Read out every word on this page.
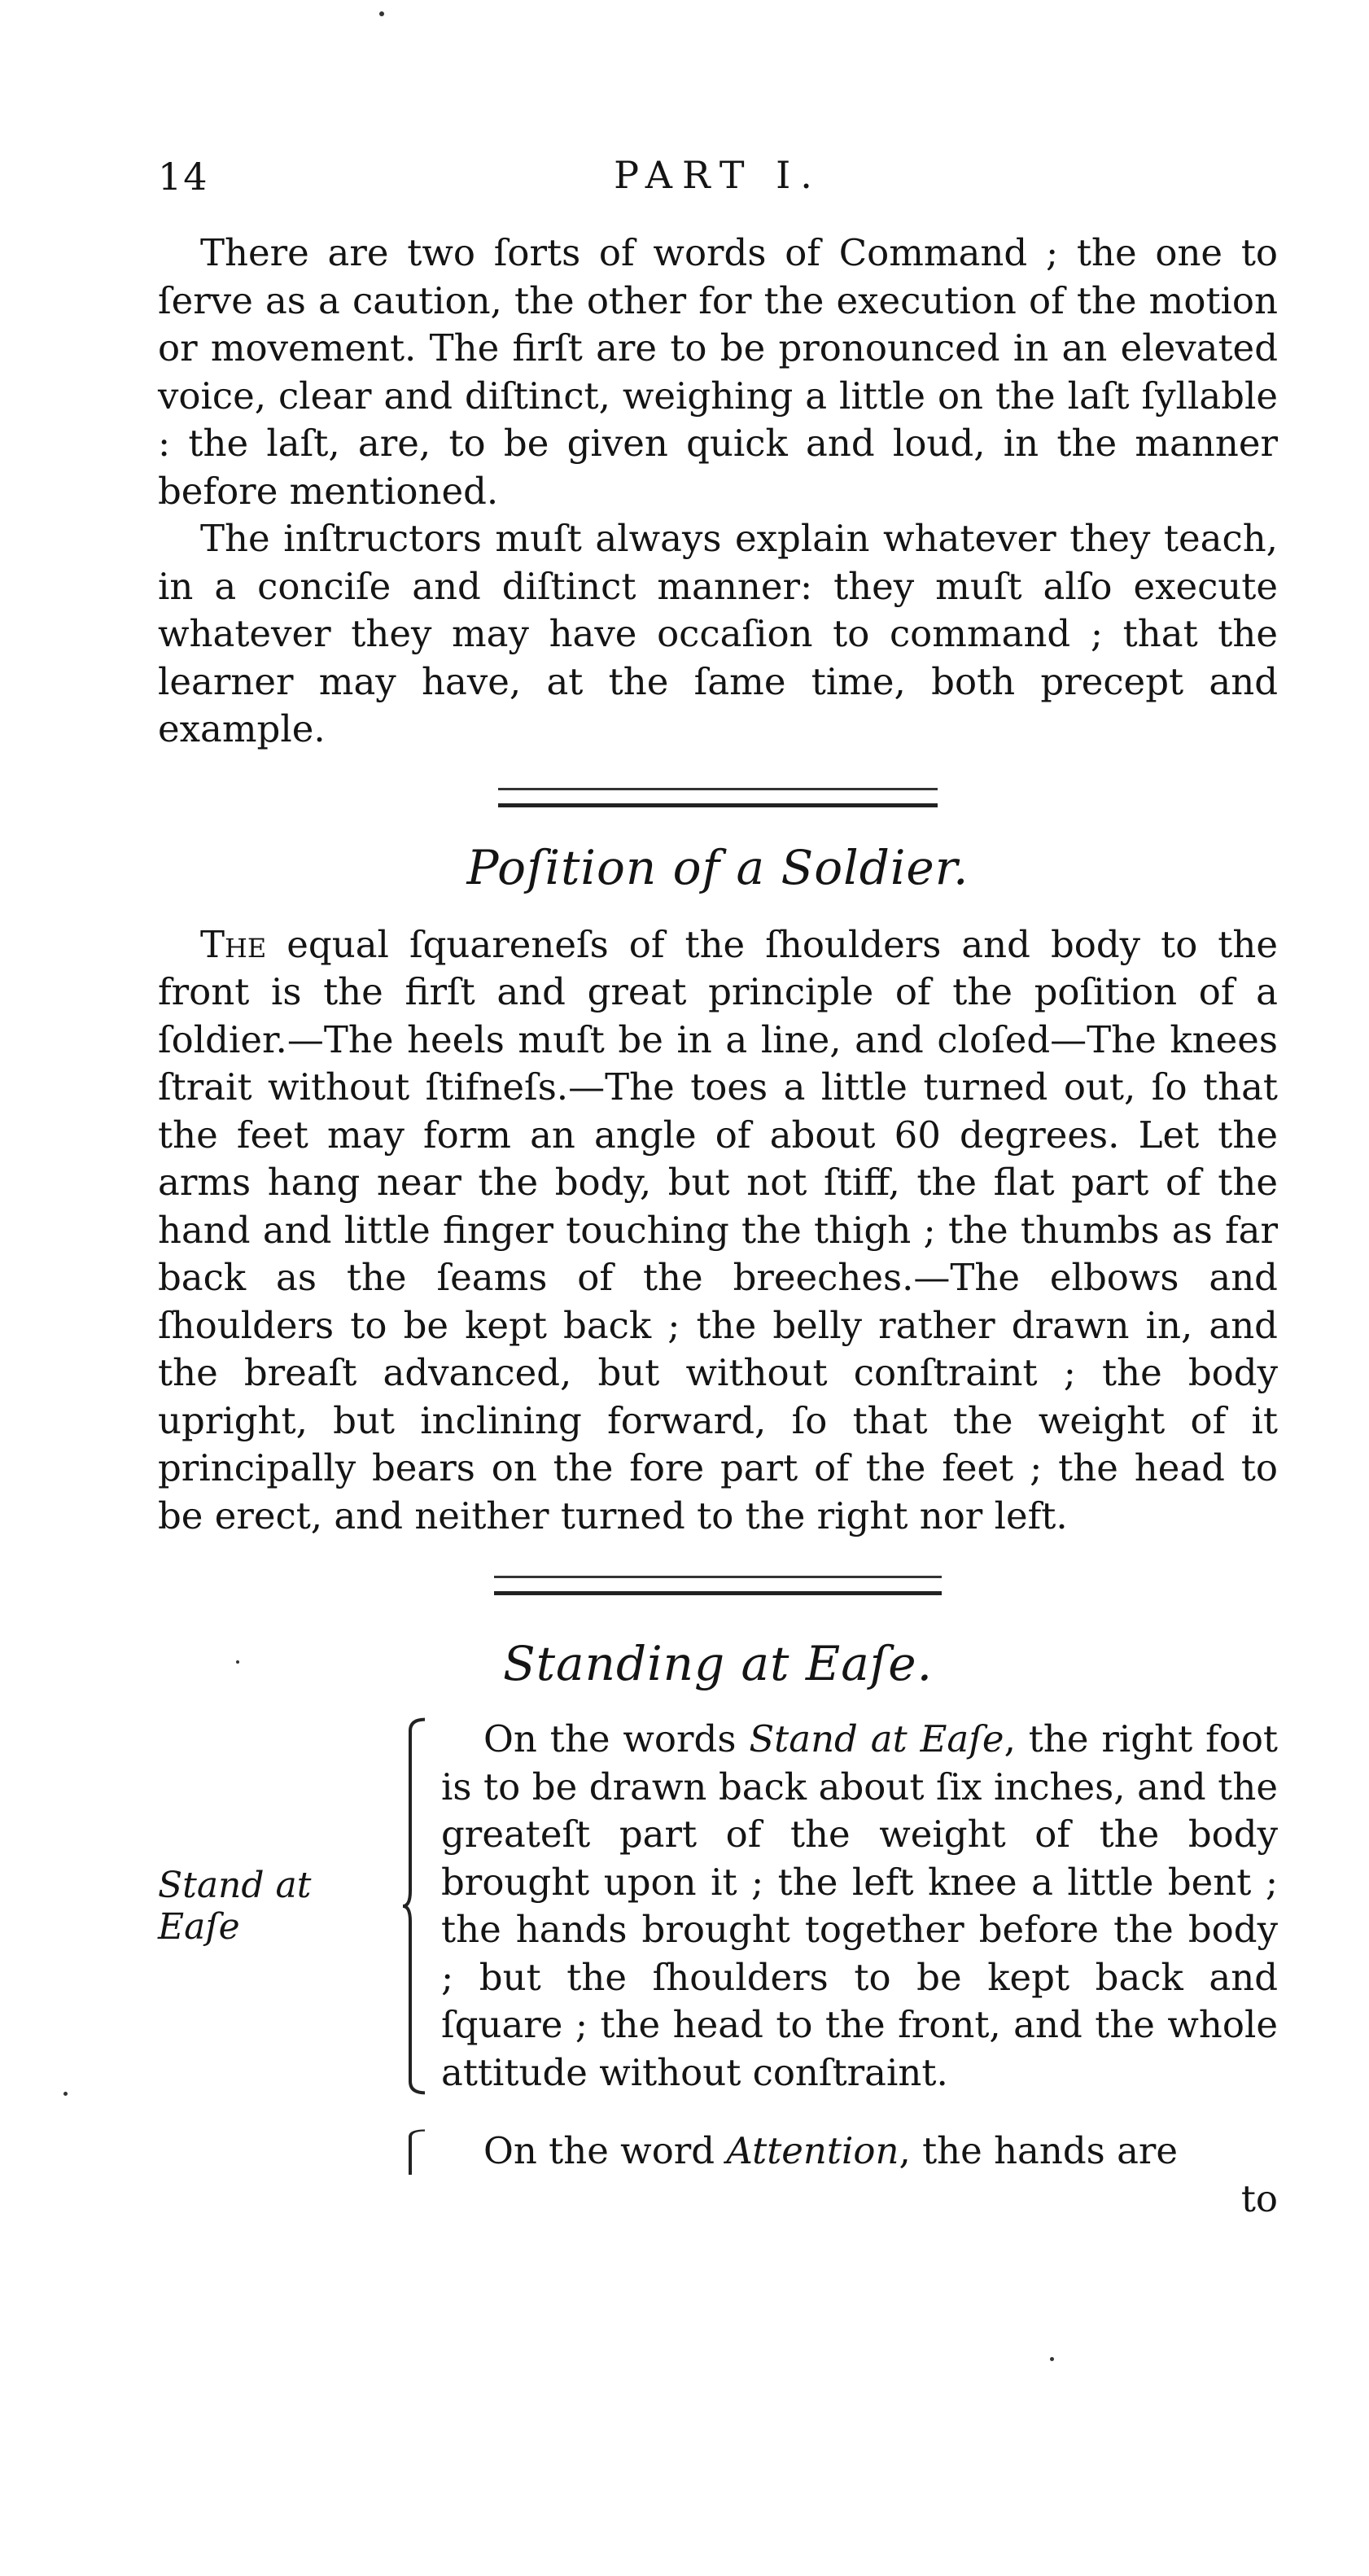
14	PART I.

There are two ſorts of words of Command ; the one to ſerve as a caution, the other for the execution of the motion or movement. The firſt are to be pronounced in an elevated voice, clear and diſtinct, weighing a little on the laſt ſyllable : the laſt, are, to be given quick and loud, in the manner before mentioned.

The inſtructors muſt always explain whatever they teach, in a conciſe and diſtinct manner: they muſt alſo execute whatever they may have occaſion to command ; that the learner may have, at the ſame time, both precept and example.

Poſition of a Soldier.

The equal ſquareneſs of the ſhoulders and body to the front is the firſt and great principle of the poſition of a ſoldier.—The heels muſt be in a line, and cloſed—The knees ſtrait without ſtifneſs.—The toes a little turned out, ſo that the feet may form an angle of about 60 degrees. Let the arms hang near the body, but not ſtiff, the flat part of the hand and little finger touching the thigh ; the thumbs as far back as the ſeams of the breeches.—The elbows and ſhoulders to be kept back ; the belly rather drawn in, and the breaſt advanced, but without conſtraint ; the body upright, but inclining forward, ſo that the weight of it principally bears on the fore part of the feet ; the head to be erect, and neither turned to the right nor left.

Standing at Eaſe.
Stand at Eaſe

On the words Stand at Eaſe, the right foot is to be drawn back about ſix inches, and the greateſt part of the weight of the body brought upon it ; the left knee a little bent ; the hands brought together before the body ; but the ſhoulders to be kept back and ſquare ; the head to the front, and the whole attitude without conſtraint.

On the word Attention, the hands are

to
